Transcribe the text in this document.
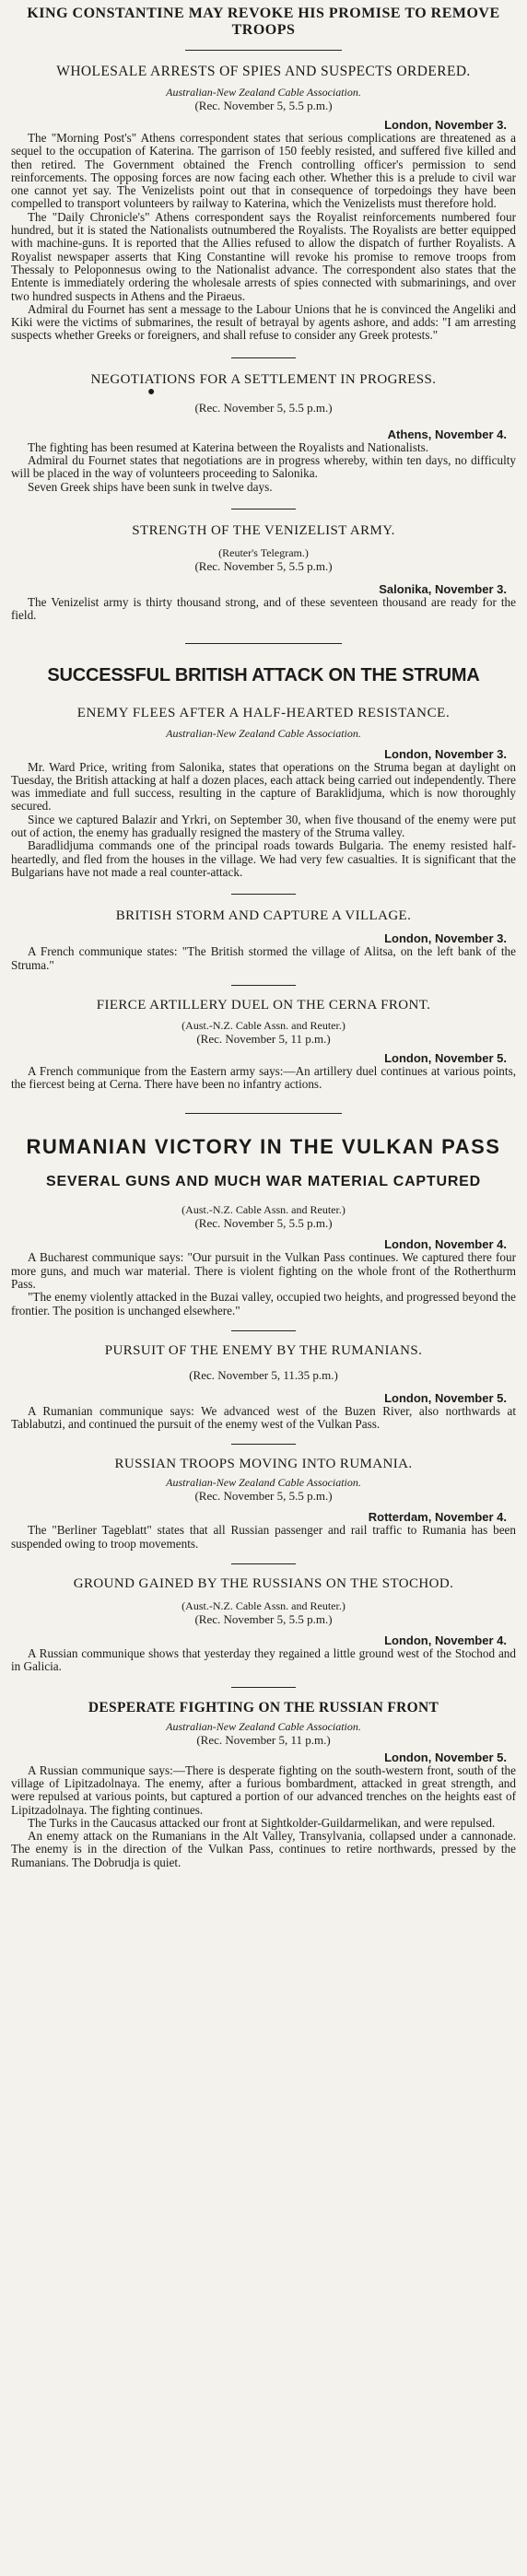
KING CONSTANTINE MAY REVOKE HIS PROMISE TO REMOVE TROOPS
WHOLESALE ARRESTS OF SPIES AND SUSPECTS ORDERED.
Australian-New Zealand Cable Association.
(Rec. November 5, 5.5 p.m.)
London, November 3.

The "Morning Post's" Athens correspondent states that serious complications are threatened as a sequel to the occupation of Katerina. The garrison of 150 feebly resisted, and suffered five killed and then retired. The Government obtained the French controlling officer's permission to send reinforcements. The opposing forces are now facing each other. Whether this is a prelude to civil war one cannot yet say. The Venizelists point out that in consequence of torpedoings they have been compelled to transport volunteers by railway to Katerina, which the Venizelists must therefore hold.

The "Daily Chronicle's" Athens correspondent says the Royalist reinforcements numbered four hundred, but it is stated the Nationalists outnumbered the Royalists. The Royalists are better equipped with machine-guns. It is reported that the Allies refused to allow the dispatch of further Royalists. A Royalist newspaper asserts that King Constantine will revoke his promise to remove troops from Thessaly to Peloponnesus owing to the Nationalist advance. The correspondent also states that the Entente is immediately ordering the wholesale arrests of spies connected with submarinings, and over two hundred suspects in Athens and the Piraeus.

Admiral du Fournet has sent a message to the Labour Unions that he is convinced the Angeliki and Kiki were the victims of submarines, the result of betrayal by agents ashore, and adds: "I am arresting suspects whether Greeks or foreigners, and shall refuse to consider any Greek protests."

NEGOTIATIONS FOR A SETTLEMENT IN PROGRESS.
●
(Rec. November 5, 5.5 p.m.)
Athens, November 4.

The fighting has been resumed at Katerina between the Royalists and Nationalists.

Admiral du Fournet states that negotiations are in progress whereby, within ten days, no difficulty will be placed in the way of volunteers proceeding to Salonika.

Seven Greek ships have been sunk in twelve days.

STRENGTH OF THE VENIZELIST ARMY.
(Reuter's Telegram.)
(Rec. November 5, 5.5 p.m.)
Salonika, November 3.

The Venizelist army is thirty thousand strong, and of these seventeen thousand are ready for the field.

SUCCESSFUL BRITISH ATTACK ON THE STRUMA
ENEMY FLEES AFTER A HALF-HEARTED RESISTANCE.
Australian-New Zealand Cable Association.
London, November 3.

Mr. Ward Price, writing from Salonika, states that operations on the Struma began at daylight on Tuesday, the British attacking at half a dozen places, each attack being carried out independently. There was immediate and full success, resulting in the capture of Baraklidjuma, which is now thoroughly secured.

Since we captured Balazir and Yrkri, on September 30, when five thousand of the enemy were put out of action, the enemy has gradually resigned the mastery of the Struma valley.

Baradlidjuma commands one of the principal roads towards Bulgaria. The enemy resisted half-heartedly, and fled from the houses in the village. We had very few casualties. It is significant that the Bulgarians have not made a real counter-attack.

BRITISH STORM AND CAPTURE A VILLAGE.
London, November 3.

A French communique states: "The British stormed the village of Alitsa, on the left bank of the Struma."

FIERCE ARTILLERY DUEL ON THE CERNA FRONT.
(Aust.-N.Z. Cable Assn. and Reuter.)
(Rec. November 5, 11 p.m.)
London, November 5.

A French communique from the Eastern army says:—An artillery duel continues at various points, the fiercest being at Cerna. There have been no infantry actions.

RUMANIAN VICTORY IN THE VULKAN PASS
SEVERAL GUNS AND MUCH WAR MATERIAL CAPTURED
(Aust.-N.Z. Cable Assn. and Reuter.)
(Rec. November 5, 5.5 p.m.)
London, November 4.

A Bucharest communique says: "Our pursuit in the Vulkan Pass continues. We captured there four more guns, and much war material. There is violent fighting on the whole front of the Rotherthurm Pass.

"The enemy violently attacked in the Buzai valley, occupied two heights, and progressed beyond the frontier. The position is unchanged elsewhere."

PURSUIT OF THE ENEMY BY THE RUMANIANS.
(Rec. November 5, 11.35 p.m.)
London, November 5.

A Rumanian communique says: We advanced west of the Buzen River, also northwards at Tablabutzi, and continued the pursuit of the enemy west of the Vulkan Pass.

RUSSIAN TROOPS MOVING INTO RUMANIA.
Australian-New Zealand Cable Association.
(Rec. November 5, 5.5 p.m.)
Rotterdam, November 4.

The "Berliner Tageblatt" states that all Russian passenger and rail traffic to Rumania has been suspended owing to troop movements.

GROUND GAINED BY THE RUSSIANS ON THE STOCHOD.
(Aust.-N.Z. Cable Assn. and Reuter.)
(Rec. November 5, 5.5 p.m.)
London, November 4.

A Russian communique shows that yesterday they regained a little ground west of the Stochod and in Galicia.

DESPERATE FIGHTING ON THE RUSSIAN FRONT
Australian-New Zealand Cable Association.
(Rec. November 5, 11 p.m.)
London, November 5.

A Russian communique says:—There is desperate fighting on the south-western front, south of the village of Lipitzadolnaya. The enemy, after a furious bombardment, attacked in great strength, and were repulsed at various points, but captured a portion of our advanced trenches on the heights east of Lipitzadolnaya. The fighting continues.

The Turks in the Caucasus attacked our front at Sightkolder-Guildarmelikan, and were repulsed.

An enemy attack on the Rumanians in the Alt Valley, Transylvania, collapsed under a cannonade. The enemy is in the direction of the Vulkan Pass, continues to retire northwards, pressed by the Rumanians. The Dobrudja is quiet.
